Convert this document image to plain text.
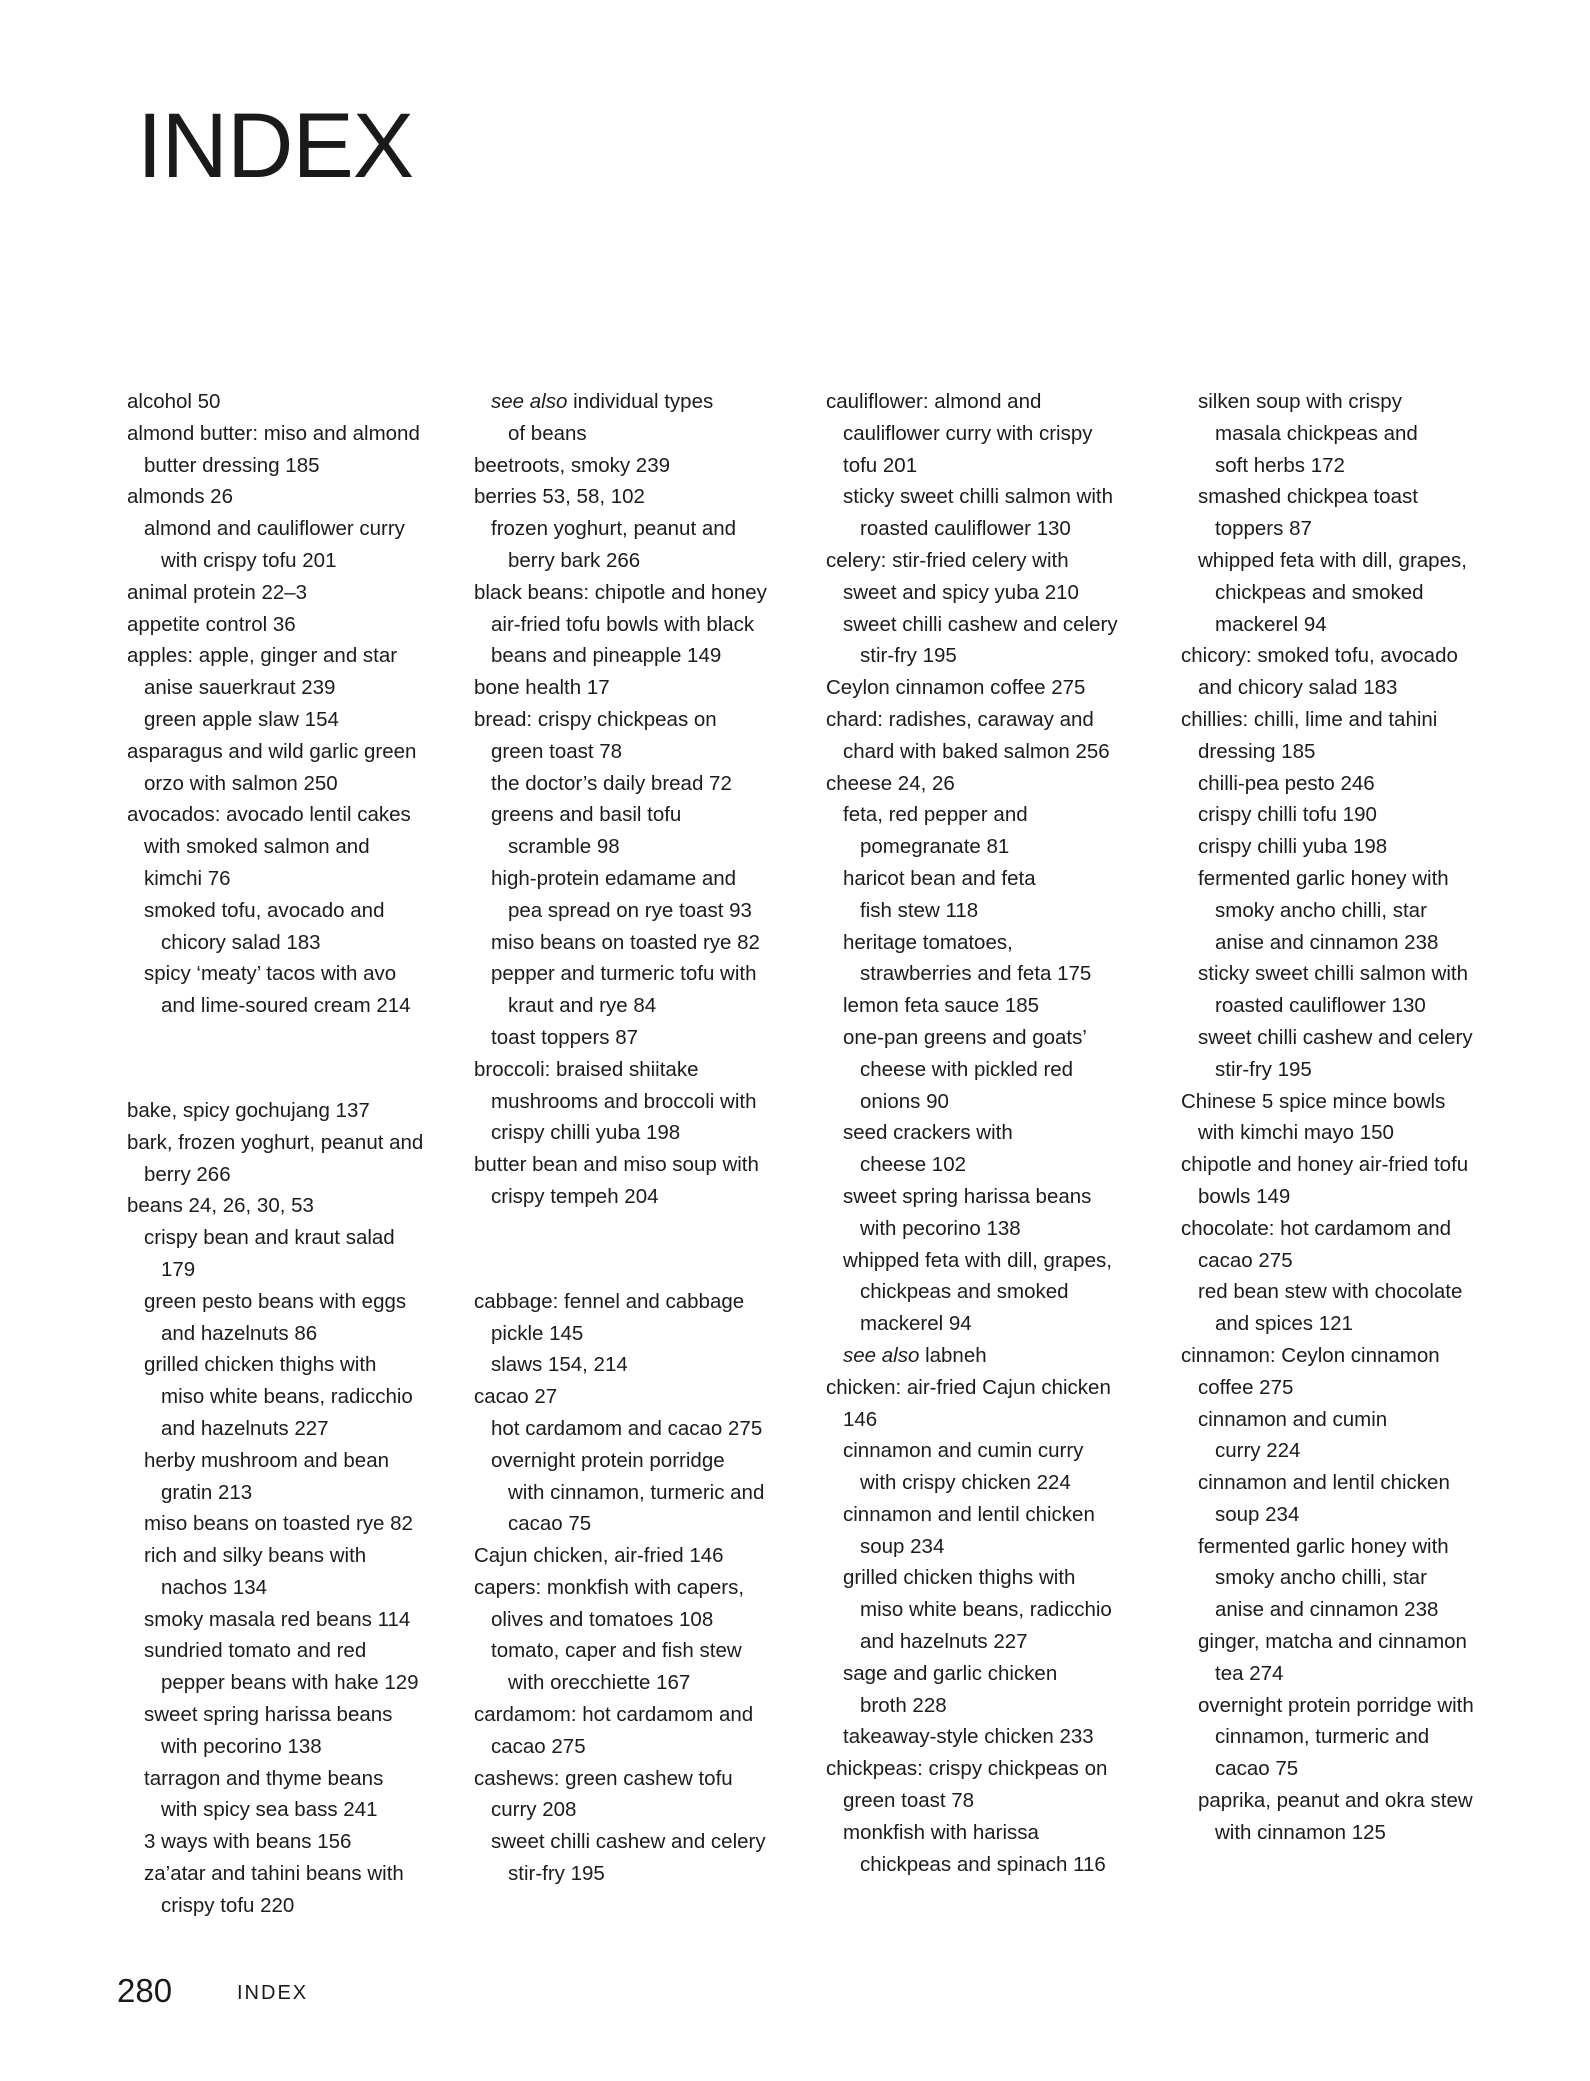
INDEX

alcohol 50

almond butter: miso and almond

butter dressing 185

almonds 26

almond and cauliflower curry

with crispy tofu 201

animal protein 22–3

appetite control 36

apples: apple, ginger and star

anise sauerkraut 239

green apple slaw 154

asparagus and wild garlic green

orzo with salmon 250

avocados: avocado lentil cakes

with smoked salmon and

kimchi 76

smoked tofu, avocado and

chicory salad 183

spicy ‘meaty’ tacos with avo

and lime-soured cream 214

bake, spicy gochujang 137

bark, frozen yoghurt, peanut and

berry 266

beans 24, 26, 30, 53

crispy bean and kraut salad

179

green pesto beans with eggs

and hazelnuts 86

grilled chicken thighs with

miso white beans, radicchio

and hazelnuts 227

herby mushroom and bean

gratin 213

miso beans on toasted rye 82

rich and silky beans with

nachos 134

smoky masala red beans 114

sundried tomato and red

pepper beans with hake 129

sweet spring harissa beans

with pecorino 138

tarragon and thyme beans

with spicy sea bass 241

3 ways with beans 156

za’atar and tahini beans with

crispy tofu 220

see also individual types

of beans

beetroots, smoky 239

berries 53, 58, 102

frozen yoghurt, peanut and

berry bark 266

black beans: chipotle and honey

air-fried tofu bowls with black

beans and pineapple 149

bone health 17

bread: crispy chickpeas on

green toast 78

the doctor’s daily bread 72

greens and basil tofu

scramble 98

high-protein edamame and

pea spread on rye toast 93

miso beans on toasted rye 82

pepper and turmeric tofu with

kraut and rye 84

toast toppers 87

broccoli: braised shiitake

mushrooms and broccoli with

crispy chilli yuba 198

butter bean and miso soup with

crispy tempeh 204

cabbage: fennel and cabbage

pickle 145

slaws 154, 214

cacao 27

hot cardamom and cacao 275

overnight protein porridge

with cinnamon, turmeric and

cacao 75

Cajun chicken, air-fried 146

capers: monkfish with capers,

olives and tomatoes 108

tomato, caper and fish stew

with orecchiette 167

cardamom: hot cardamom and

cacao 275

cashews: green cashew tofu

curry 208

sweet chilli cashew and celery

stir-fry 195

cauliflower: almond and

cauliflower curry with crispy

tofu 201

sticky sweet chilli salmon with

roasted cauliflower 130

celery: stir-fried celery with

sweet and spicy yuba 210

sweet chilli cashew and celery

stir-fry 195

Ceylon cinnamon coffee 275

chard: radishes, caraway and

chard with baked salmon 256

cheese 24, 26

feta, red pepper and

pomegranate 81

haricot bean and feta

fish stew 118

heritage tomatoes,

strawberries and feta 175

lemon feta sauce 185

one-pan greens and goats’

cheese with pickled red

onions 90

seed crackers with

cheese 102

sweet spring harissa beans

with pecorino 138

whipped feta with dill, grapes,

chickpeas and smoked

mackerel 94

see also labneh

chicken: air-fried Cajun chicken

146

cinnamon and cumin curry

with crispy chicken 224

cinnamon and lentil chicken

soup 234

grilled chicken thighs with

miso white beans, radicchio

and hazelnuts 227

sage and garlic chicken

broth 228

takeaway-style chicken 233

chickpeas: crispy chickpeas on

green toast 78

monkfish with harissa

chickpeas and spinach 116

silken soup with crispy

masala chickpeas and

soft herbs 172

smashed chickpea toast

toppers 87

whipped feta with dill, grapes,

chickpeas and smoked

mackerel 94

chicory: smoked tofu, avocado

and chicory salad 183

chillies: chilli, lime and tahini

dressing 185

chilli-pea pesto 246

crispy chilli tofu 190

crispy chilli yuba 198

fermented garlic honey with

smoky ancho chilli, star

anise and cinnamon 238

sticky sweet chilli salmon with

roasted cauliflower 130

sweet chilli cashew and celery

stir-fry 195

Chinese 5 spice mince bowls

with kimchi mayo 150

chipotle and honey air-fried tofu

bowls 149

chocolate: hot cardamom and

cacao 275

red bean stew with chocolate

and spices 121

cinnamon: Ceylon cinnamon

coffee 275

cinnamon and cumin

curry 224

cinnamon and lentil chicken

soup 234

fermented garlic honey with

smoky ancho chilli, star

anise and cinnamon 238

ginger, matcha and cinnamon

tea 274

overnight protein porridge with

cinnamon, turmeric and

cacao 75

paprika, peanut and okra stew

with cinnamon 125

280	INDEX
